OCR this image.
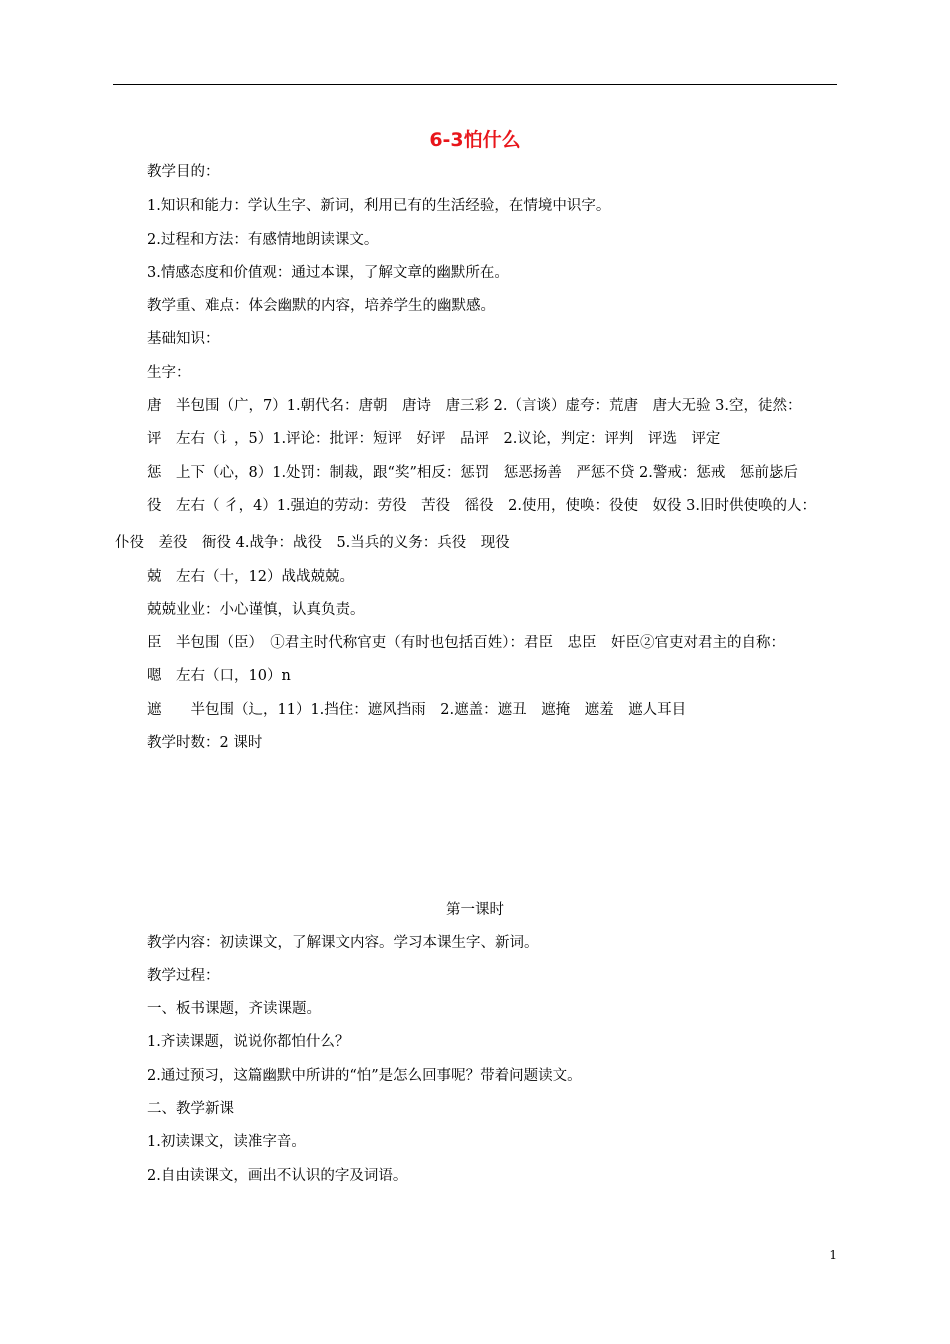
6-3怕什么
教学目的：
1.知识和能力：学认生字、新词，利用已有的生活经验，在情境中识字。
2.过程和方法：有感情地朗读课文。
3.情感态度和价值观：通过本课，了解文章的幽默所在。
教学重、难点：体会幽默的内容，培养学生的幽默感。
基础知识：
生字：
唐　半包围（广，7）1.朝代名：唐朝　唐诗　唐三彩 2.（言谈）虚夸：荒唐　唐大无验 3.空，徒然：
评　左右（讠，5）1.评论：批评：短评　好评　品评　2.议论，判定：评判　评选　评定
惩　上下（心，8）1.处罚：制裁，跟“奖”相反：惩罚　惩恶扬善　严惩不贷 2.警戒：惩戒　惩前毖后
役　左右（ 彳，4）1.强迫的劳动：劳役　苦役　徭役　2.使用，使唤：役使　奴役 3.旧时供使唤的人：
仆役　差役　衙役 4.战争：战役　5.当兵的义务：兵役　现役
兢　左右（十，12）战战兢兢。
兢兢业业：小心谨慎，认真负责。
臣　半包围（臣）　①君主时代称官吏（有时也包括百姓）：君臣　忠臣　奸臣②官吏对君主的自称：
嗯　左右（口，10）n
遮　　半包围（辶，11）1.挡住：遮风挡雨　2.遮盖：遮丑　遮掩　遮羞　遮人耳目
教学时数：2 课时
第一课时
教学内容：初读课文，了解课文内容。学习本课生字、新词。
教学过程：
一、板书课题，齐读课题。
1.齐读课题，说说你都怕什么？
2.通过预习，这篇幽默中所讲的“怕”是怎么回事呢？带着问题读文。
二、教学新课
1.初读课文，读准字音。
2.自由读课文，画出不认识的字及词语。
1
